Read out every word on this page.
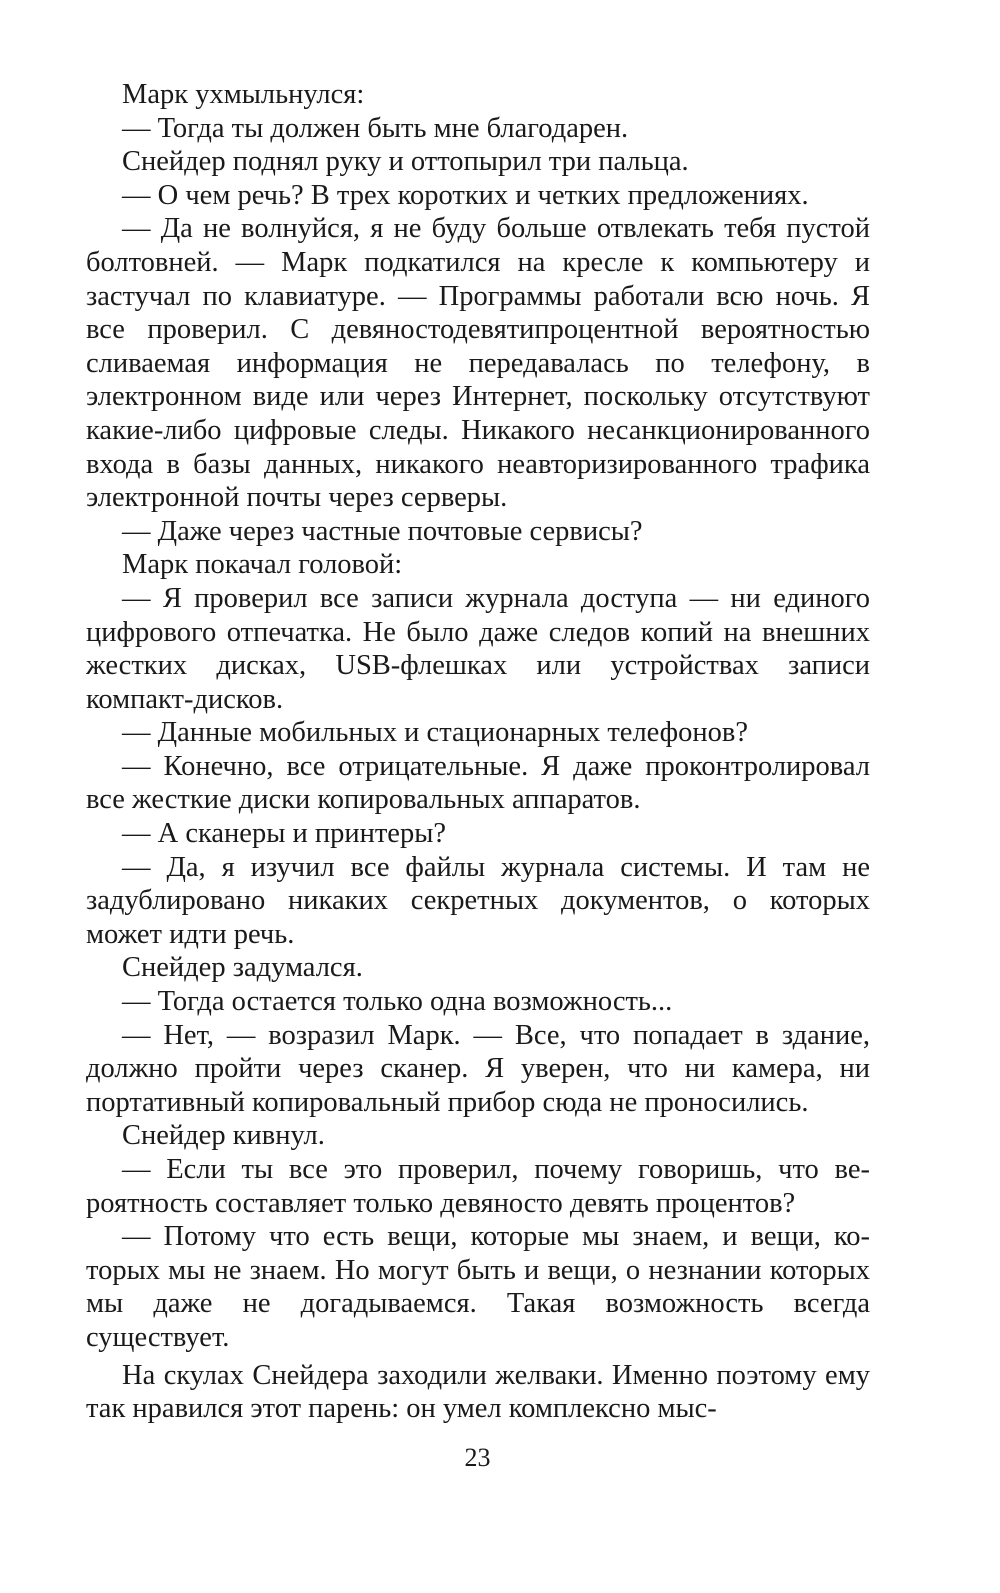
Марк ухмыльнулся:

— Тогда ты должен быть мне благодарен.

Снейдер поднял руку и оттопырил три пальца.

— О чем речь? В трех коротких и четких предложениях.

— Да не волнуйся, я не буду больше отвлекать тебя пустой болтовней. — Марк подкатился на кресле к компьютеру и застучал по клавиатуре. — Программы работали всю ночь. Я все проверил. С девяностодевятипроцентной вероятностью сливаемая информация не передавалась по телефону, в электронном виде или через Интернет, поскольку отсутствуют какие-либо цифровые следы. Никакого несанкционированного входа в базы данных, никакого неавторизированного трафика электронной почты через серверы.

— Даже через частные почтовые сервисы?

Марк покачал головой:

— Я проверил все записи журнала доступа — ни единого цифрового отпечатка. Не было даже следов копий на внешних жестких дисках, USB-флешках или устройствах записи компакт-дисков.

— Данные мобильных и стационарных телефонов?

— Конечно, все отрицательные. Я даже проконтролировал все жесткие диски копировальных аппаратов.

— А сканеры и принтеры?

— Да, я изучил все файлы журнала системы. И там не задублировано никаких секретных документов, о которых может идти речь.

Снейдер задумался.

— Тогда остается только одна возможность...

— Нет, — возразил Марк. — Все, что попадает в здание, должно пройти через сканер. Я уверен, что ни камера, ни портативный копировальный прибор сюда не проносились.

Снейдер кивнул.

— Если ты все это проверил, почему говоришь, что вероятность составляет только девяносто девять процентов?

— Потому что есть вещи, которые мы знаем, и вещи, которых мы не знаем. Но могут быть и вещи, о незнании которых мы даже не догадываемся. Такая возможность всегда существует.

На скулах Снейдера заходили желваки. Именно поэтому ему так нравился этот парень: он умел комплексно мыс-

23
